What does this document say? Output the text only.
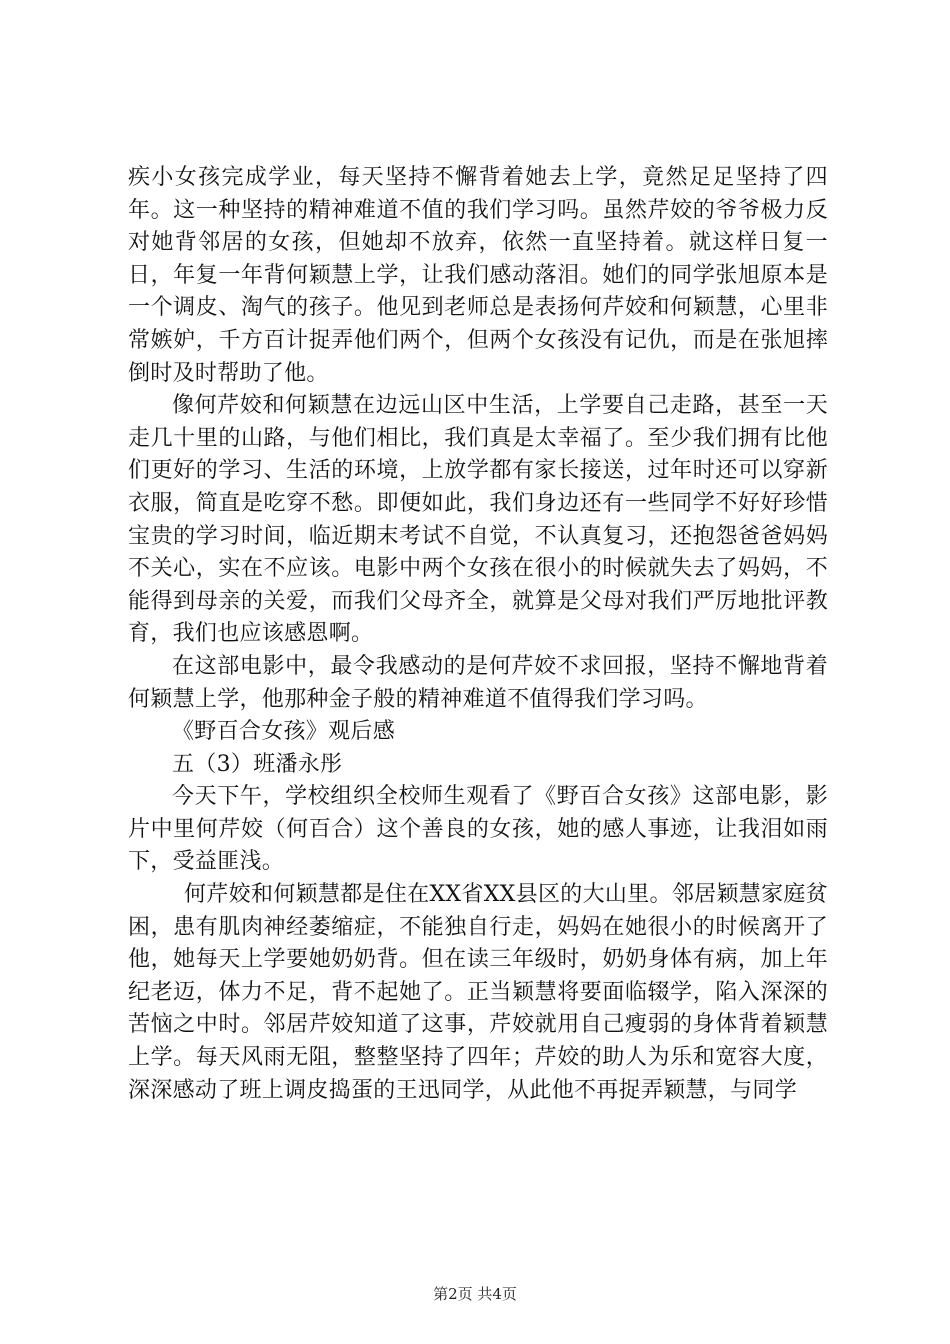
疾小女孩完成学业，每天坚持不懈背着她去上学，竟然足足坚持了四年。这一种坚持的精神难道不值的我们学习吗。虽然芹姣的爷爷极力反对她背邻居的女孩，但她却不放弃，依然一直坚持着。就这样日复一日，年复一年背何颖慧上学，让我们感动落泪。她们的同学张旭原本是一个调皮、淘气的孩子。他见到老师总是表扬何芹姣和何颖慧，心里非常嫉妒，千方百计捉弄他们两个，但两个女孩没有记仇，而是在张旭摔倒时及时帮助了他。

像何芹姣和何颖慧在边远山区中生活，上学要自己走路，甚至一天走几十里的山路，与他们相比，我们真是太幸福了。至少我们拥有比他们更好的学习、生活的环境，上放学都有家长接送，过年时还可以穿新衣服，简直是吃穿不愁。即便如此，我们身边还有一些同学不好好珍惜宝贵的学习时间，临近期末考试不自觉，不认真复习，还抱怨爸爸妈妈不关心，实在不应该。电影中两个女孩在很小的时候就失去了妈妈，不能得到母亲的关爱，而我们父母齐全，就算是父母对我们严厉地批评教育，我们也应该感恩啊。

在这部电影中，最令我感动的是何芹姣不求回报，坚持不懈地背着何颖慧上学，他那种金子般的精神难道不值得我们学习吗。

《野百合女孩》观后感

五（3）班潘永彤

今天下午，学校组织全校师生观看了《野百合女孩》这部电影，影片中里何芹姣（何百合）这个善良的女孩，她的感人事迹，让我泪如雨下，受益匪浅。

何芹姣和何颖慧都是住在XX省XX县区的大山里。邻居颖慧家庭贫困，患有肌肉神经萎缩症，不能独自行走，妈妈在她很小的时候离开了他，她每天上学要她奶奶背。但在读三年级时，奶奶身体有病，加上年纪老迈，体力不足，背不起她了。正当颖慧将要面临辍学，陷入深深的苦恼之中时。邻居芹姣知道了这事，芹姣就用自己瘦弱的身体背着颖慧上学。每天风雨无阻，整整坚持了四年；芹姣的助人为乐和宽容大度，深深感动了班上调皮捣蛋的王迅同学，从此他不再捉弄颖慧，与同学

第2页 共4页
